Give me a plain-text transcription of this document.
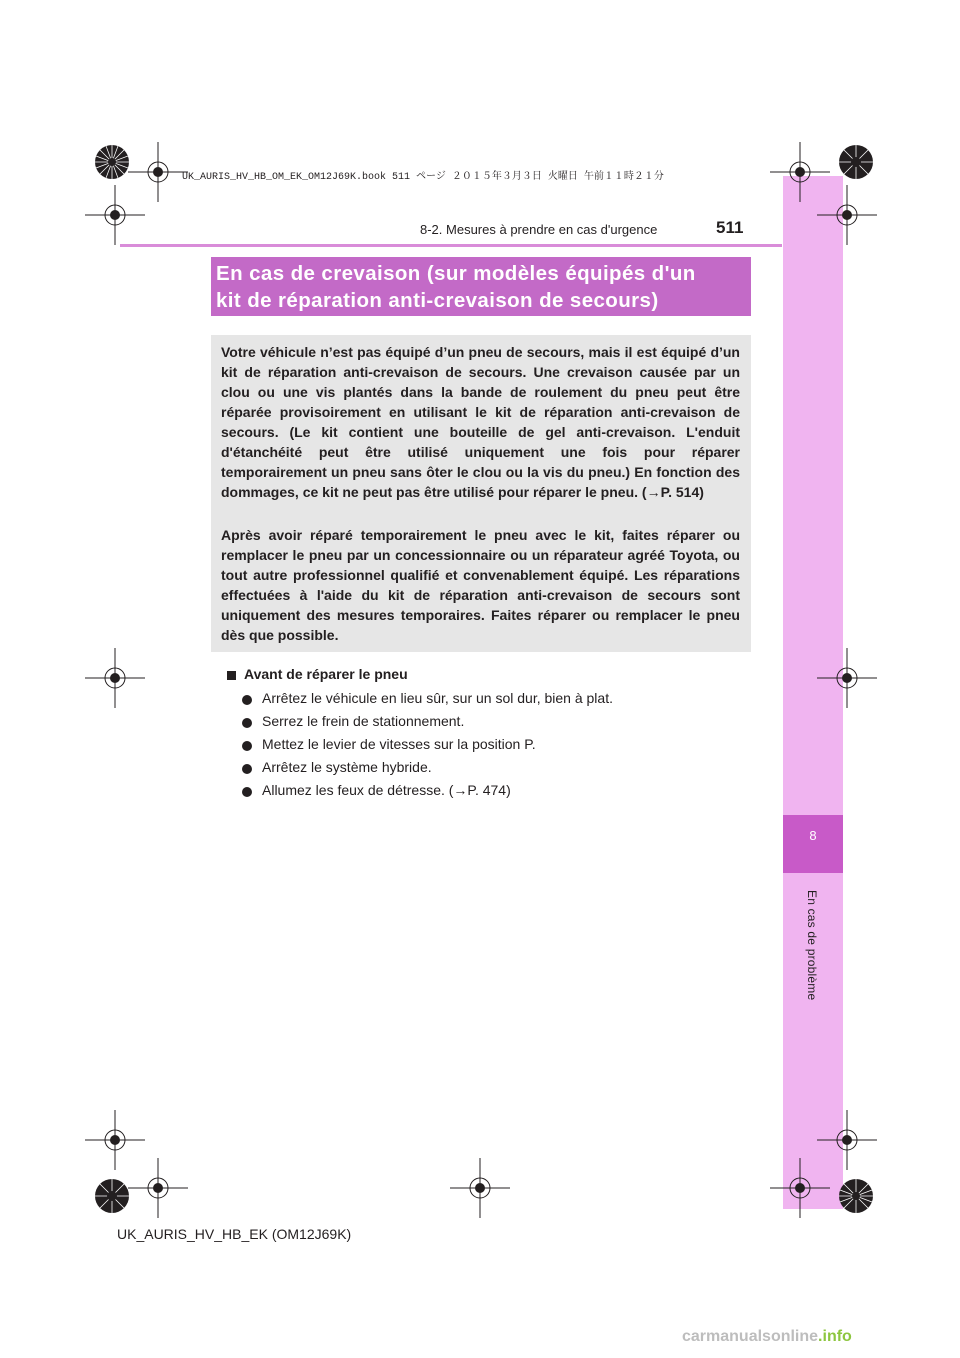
8
En cas de problème
UK_AURIS_HV_HB_OM_EK_OM12J69K.book 511 ページ ２０１５年３月３日 火曜日 午前１１時２１分
8-2. Mesures à prendre en cas d'urgence	511
En cas de crevaison (sur modèles équipés d'un
kit de réparation anti-crevaison de secours)

Votre véhicule n’est pas équipé d’un pneu de secours, mais il est équipé d’un kit de réparation anti-crevaison de secours. Une crevaison causée par un clou ou une vis plantés dans la bande de roulement du pneu peut être réparée provisoirement en utilisant le kit de réparation anti-crevaison de secours. (Le kit contient une bouteille de gel anti-crevaison. L'enduit d'étanchéité peut être utilisé uniquement une fois pour réparer temporairement un pneu sans ôter le clou ou la vis du pneu.) En fonction des dommages, ce kit ne peut pas être utilisé pour réparer le pneu. (→P. 514)

Après avoir réparé temporairement le pneu avec le kit, faites réparer ou remplacer le pneu par un concessionnaire ou un réparateur agréé Toyota, ou tout autre professionnel qualifié et convenablement équipé. Les réparations effectuées à l'aide du kit de réparation anti-crevaison de secours sont uniquement des mesures temporaires. Faites réparer ou remplacer le pneu dès que possible.

Avant de réparer le pneu
Arrêtez le véhicule en lieu sûr, sur un sol dur, bien à plat.
Serrez le frein de stationnement.
Mettez le levier de vitesses sur la position P.
Arrêtez le système hybride.
Allumez les feux de détresse. (→P. 474)
UK_AURIS_HV_HB_EK (OM12J69K)
carmanualsonline.info
